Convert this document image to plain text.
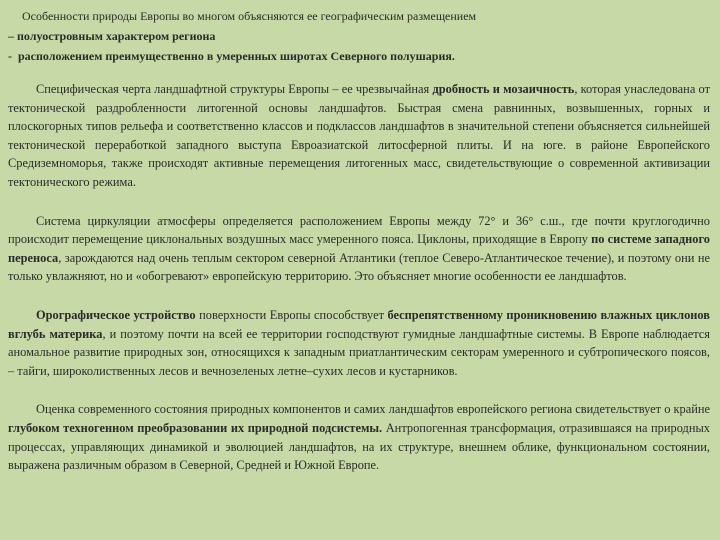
Особенности природы Европы во многом объясняются ее географическим размещением
– полуостровным характером региона
- расположением преимущественно в умеренных широтах Северного полушария.

Специфическая черта ландшафтной структуры Европы – ее чрезвычайная дробность и мозаичность, которая унаследована от тектонической раздробленности литогенной основы ландшафтов. Быстрая смена равнинных, возвышенных, горных и плоскогорных типов рельефа и соответственно классов и подклассов ландшафтов в значительной степени объясняется сильнейшей тектонической переработкой западного выступа Евроазиатской литосферной плиты. И на юге. в районе Европейского Средиземноморья, также происходят активные перемещения литогенных масс, свидетельствующие о современной активизации тектонического режима.

Система циркуляции атмосферы определяется расположением Европы между 72° и 36° с.ш., где почти круглогодично происходит перемещение циклональных воздушных масс умеренного пояса. Циклоны, приходящие в Европу по системе западного переноса, зарождаются над очень теплым сектором северной Атлантики (теплое Северо-Атлантическое течение), и поэтому они не только увлажняют, но и «обогревают» европейскую территорию. Это объясняет многие особенности ее ландшафтов.

Орографическое устройство поверхности Европы способствует беспрепятственному проникновению влажных циклонов вглубь материка, и поэтому почти на всей ее территории господствуют гумидные ландшафтные системы. В Европе наблюдается аномальное развитие природных зон, относящихся к западным приатлантическим секторам умеренного и субтропического поясов, – тайги, широколиственных лесов и вечнозеленых летне–сухих лесов и кустарников.

Оценка современного состояния природных компонентов и самих ландшафтов европейского региона свидетельствует о крайне глубоком техногенном преобразовании их природной подсистемы. Антропогенная трансформация, отразившаяся на природных процессах, управляющих динамикой и эволюцией ландшафтов, на их структуре, внешнем облике, функциональном состоянии, выражена различным образом в Северной, Средней и Южной Европе.
